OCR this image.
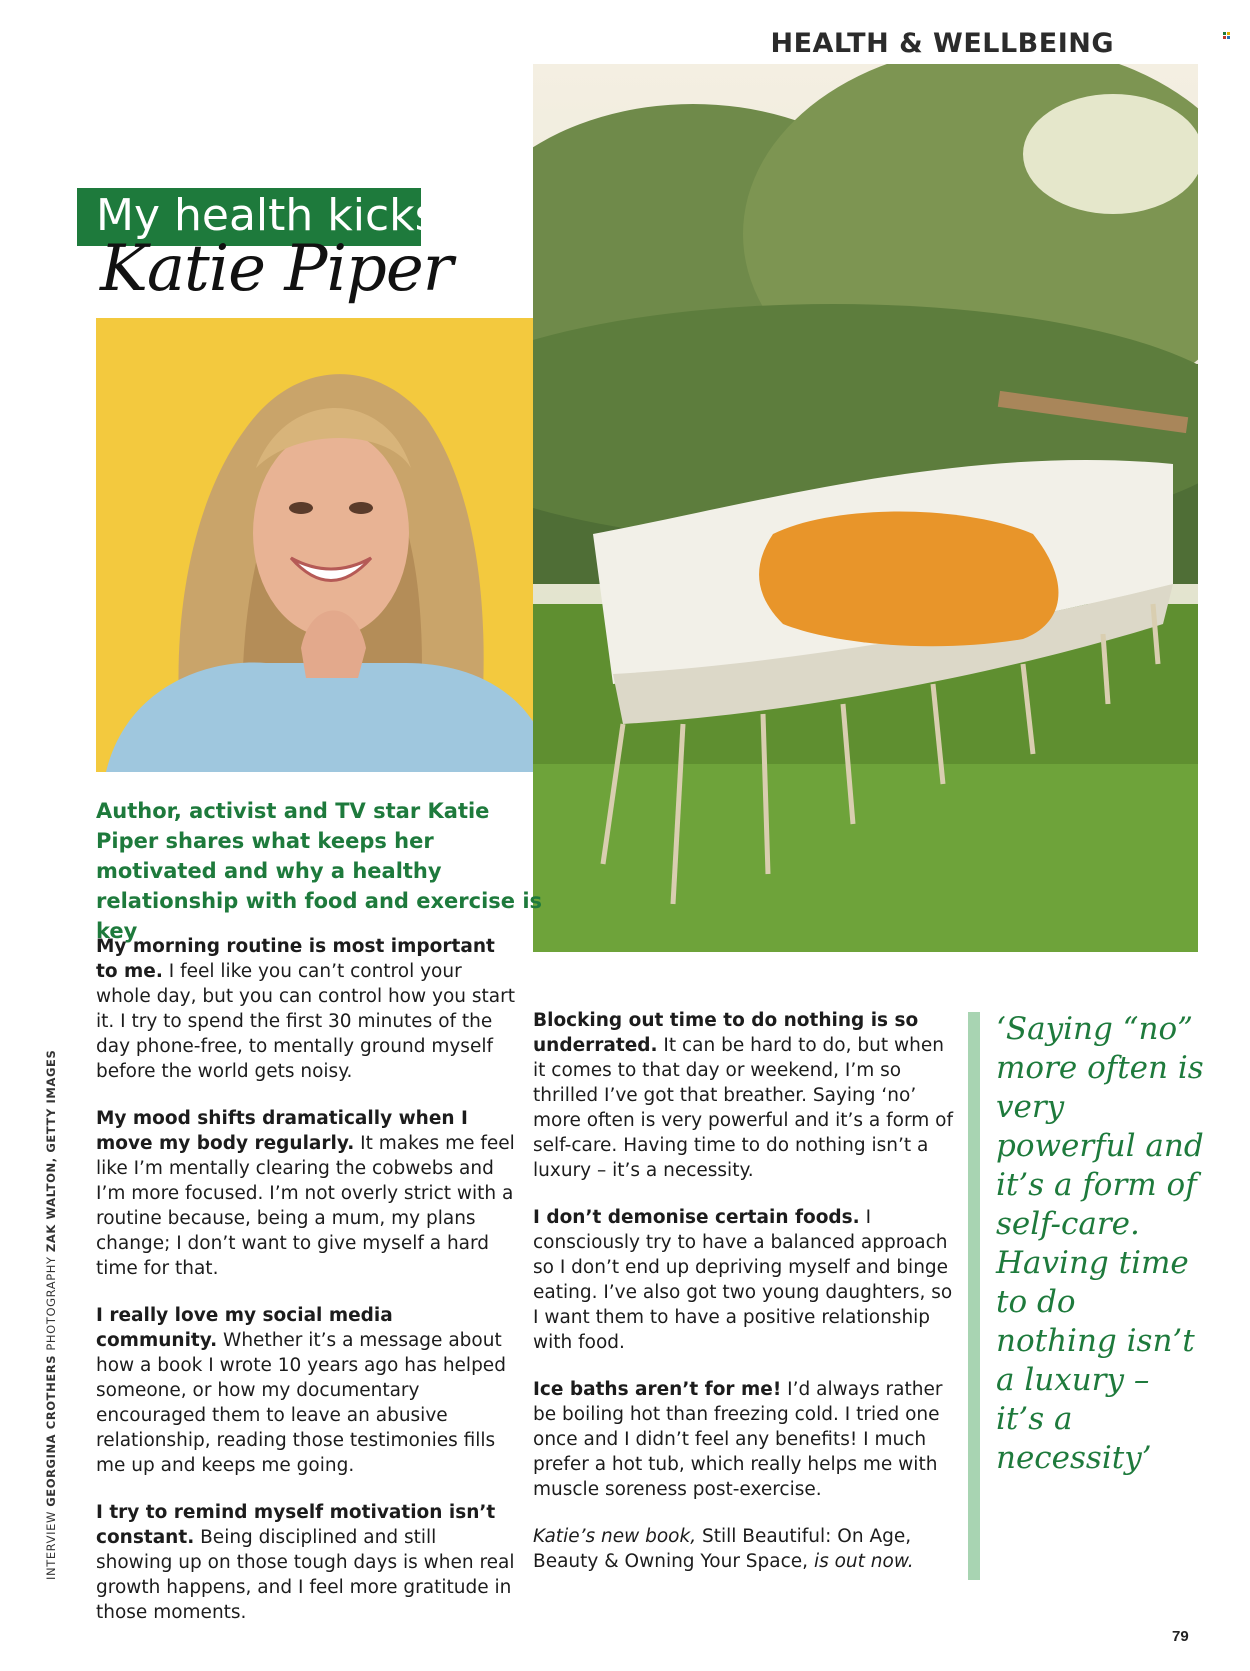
HEALTH & WELLBEING
My health kicks
Katie Piper
Author, activist and TV star Katie Piper shares what keeps her motivated and why a healthy relationship with food and exercise is key

My morning routine is most important to me. I feel like you can’t control your whole day, but you can control how you start it. I try to spend the first 30 minutes of the day phone-free, to mentally ground myself before the world gets noisy.

My mood shifts dramatically when I move my body regularly. It makes me feel like I’m mentally clearing the cobwebs and I’m more focused. I’m not overly strict with a routine because, being a mum, my plans change; I don’t want to give myself a hard time for that.

I really love my social media community. Whether it’s a message about how a book I wrote 10 years ago has helped someone, or how my documentary encouraged them to leave an abusive relationship, reading those testimonies fills me up and keeps me going.

I try to remind myself motivation isn’t constant. Being disciplined and still showing up on those tough days is when real growth happens, and I feel more gratitude in those moments.

Blocking out time to do nothing is so underrated. It can be hard to do, but when it comes to that day or weekend, I’m so thrilled I’ve got that breather. Saying ‘no’ more often is very powerful and it’s a form of self-care. Having time to do nothing isn’t a luxury – it’s a necessity.

I don’t demonise certain foods. I consciously try to have a balanced approach so I don’t end up depriving myself and binge eating. I’ve also got two young daughters, so I want them to have a positive relationship with food.

Ice baths aren’t for me! I’d always rather be boiling hot than freezing cold. I tried one once and I didn’t feel any benefits! I much prefer a hot tub, which really helps me with muscle soreness post-exercise.

Katie’s new book, Still Beautiful: On Age, Beauty & Owning Your Space, is out now.

‘Saying “no” more often is very powerful and it’s a form of self-care. Having time to do nothing isn’t a luxury – it’s a necessity’
INTERVIEW GEORGINA CROTHERS PHOTOGRAPHY ZAK WALTON, GETTY IMAGES
79
